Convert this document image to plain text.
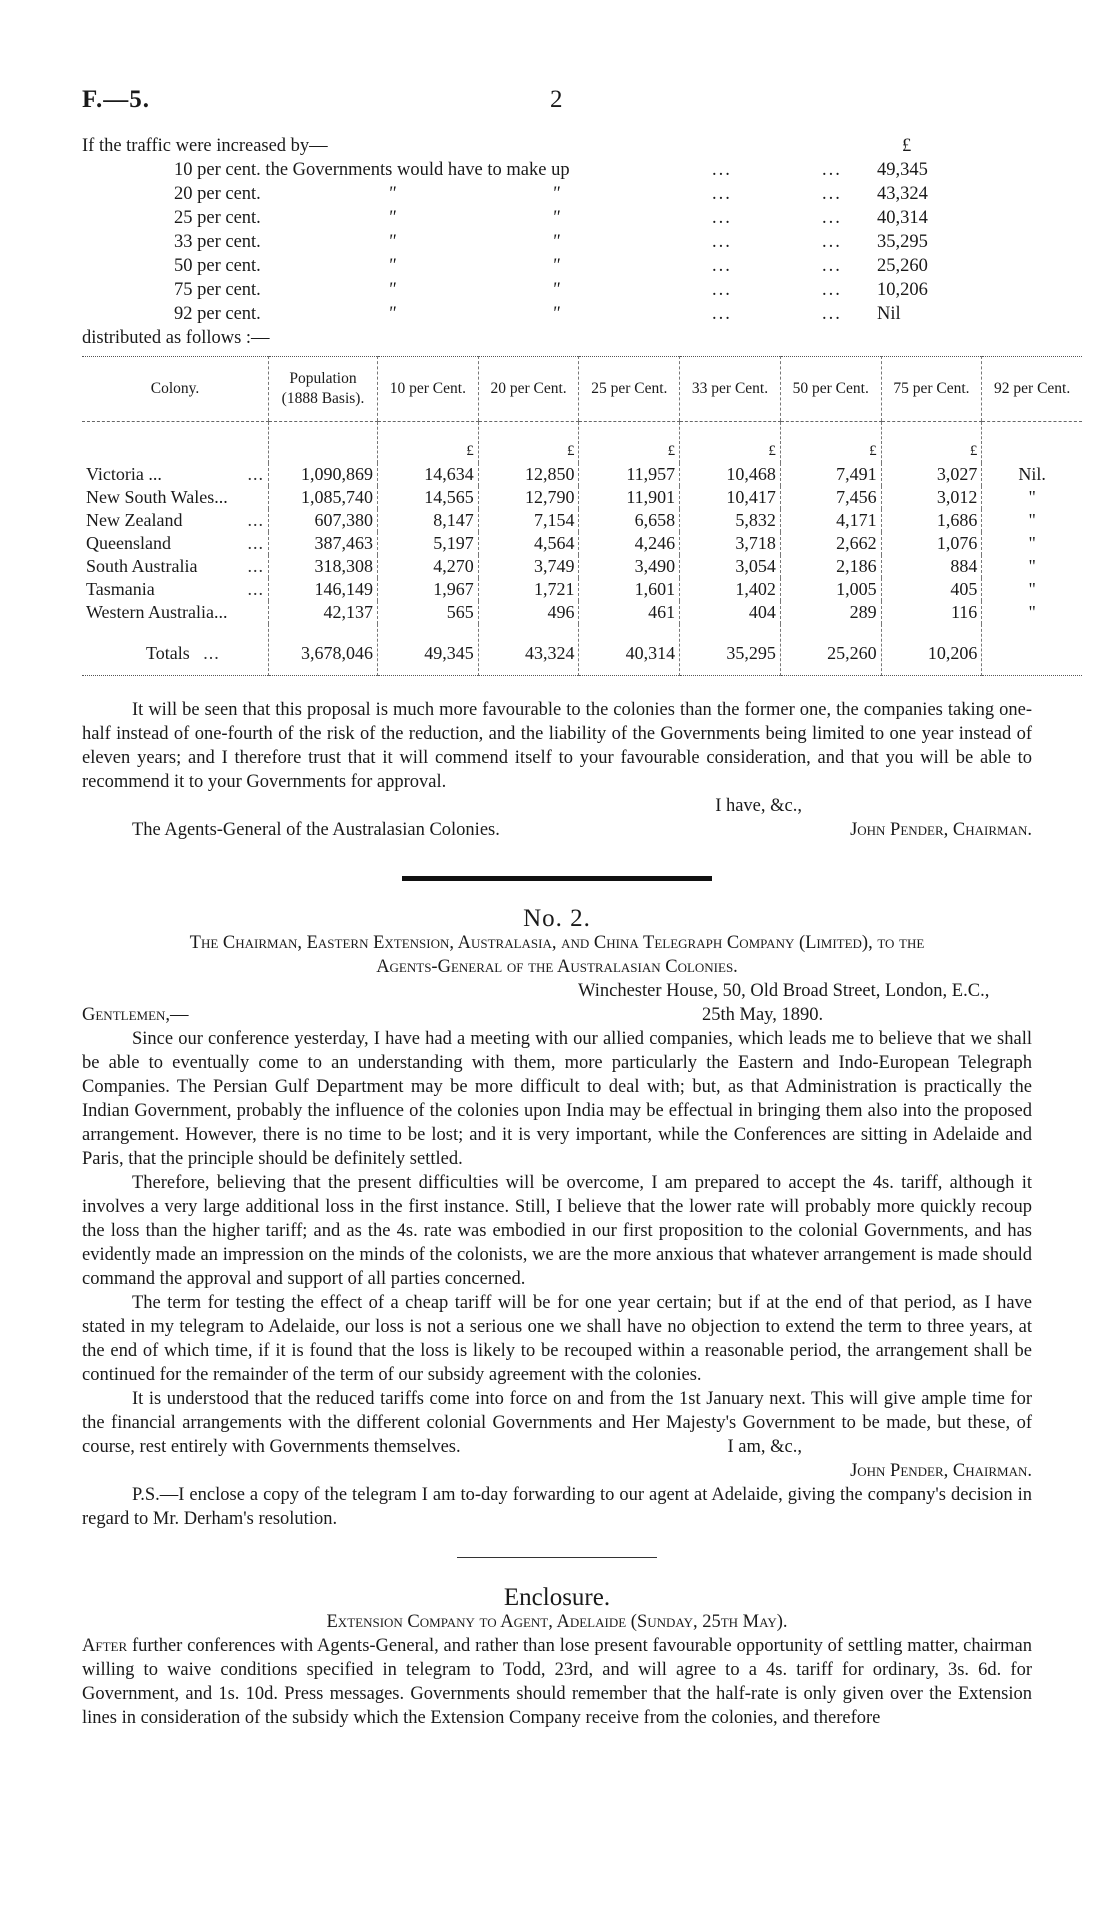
F.—5.	2
If the traffic were increased by—	£
10 per cent. the Governments would have to make up	...	... 49,345
20 per cent.	"	"	...	... 43,324
25 per cent.	"	"	...	... 40,314
33 per cent.	"	"	...	... 35,295
50 per cent.	"	"	...	... 25,260
75 per cent.	"	"	...	... 10,206
92 per cent.	"	"	...	... Nil
distributed as follows :—
Colony.	Population (1888 Basis).	10 per Cent.	20 per Cent.	25 per Cent.	33 per Cent.	50 per Cent.	75 per Cent.	92 per Cent.
		£	£	£	£	£	£	
Victoria ... ...	1,090,869	14,634	12,850	11,957	10,468	7,491	3,027	Nil.
New South Wales...	1,085,740	14,565	12,790	11,901	10,417	7,456	3,012	"
New Zealand ...	607,380	8,147	7,154	6,658	5,832	4,171	1,686	"
Queensland ...	387,463	5,197	4,564	4,246	3,718	2,662	1,076	"
South Australia ...	318,308	4,270	3,749	3,490	3,054	2,186	884	"
Tasmania ...	146,149	1,967	1,721	1,601	1,402	1,005	405	"
Western Australia...	42,137	565	496	461	404	289	116	"
Totals ...	3,678,046	49,345	43,324	40,314	35,295	25,260	10,206	

It will be seen that this proposal is much more favourable to the colonies than the former one, the companies taking one-half instead of one-fourth of the risk of the reduction, and the liability of the Governments being limited to one year instead of eleven years; and I therefore trust that it will commend itself to your favourable consideration, and that you will be able to recommend it to your Governments for approval.

I have, &c.,
The Agents-General of the Australasian Colonies.	John Pender, Chairman.
No. 2.
The Chairman, Eastern Extension, Australasia, and China Telegraph Company (Limited), to the
Agents-General of the Australasian Colonies.
Winchester House, 50, Old Broad Street, London, E.C.,
Gentlemen,—	25th May, 1890.

Since our conference yesterday, I have had a meeting with our allied companies, which leads me to believe that we shall be able to eventually come to an understanding with them, more particularly the Eastern and Indo-European Telegraph Companies. The Persian Gulf Department may be more difficult to deal with; but, as that Administration is practically the Indian Government, probably the influence of the colonies upon India may be effectual in bringing them also into the proposed arrangement. However, there is no time to be lost; and it is very important, while the Conferences are sitting in Adelaide and Paris, that the principle should be definitely settled.

Therefore, believing that the present difficulties will be overcome, I am prepared to accept the 4s. tariff, although it involves a very large additional loss in the first instance. Still, I believe that the lower rate will probably more quickly recoup the loss than the higher tariff; and as the 4s. rate was embodied in our first proposition to the colonial Governments, and has evidently made an impression on the minds of the colonists, we are the more anxious that whatever arrangement is made should command the approval and support of all parties concerned.

The term for testing the effect of a cheap tariff will be for one year certain; but if at the end of that period, as I have stated in my telegram to Adelaide, our loss is not a serious one we shall have no objection to extend the term to three years, at the end of which time, if it is found that the loss is likely to be recouped within a reasonable period, the arrangement shall be continued for the remainder of the term of our subsidy agreement with the colonies.

It is understood that the reduced tariffs come into force on and from the 1st January next. This will give ample time for the financial arrangements with the different colonial Governments and Her Majesty's Government to be made, but these, of course, rest entirely with Governments themselves.	I am, &c.,
John Pender, Chairman.

P.S.—I enclose a copy of the telegram I am to-day forwarding to our agent at Adelaide, giving the company's decision in regard to Mr. Derham's resolution.

Enclosure.
Extension Company to Agent, Adelaide (Sunday, 25th May).

After further conferences with Agents-General, and rather than lose present favourable opportunity of settling matter, chairman willing to waive conditions specified in telegram to Todd, 23rd, and will agree to a 4s. tariff for ordinary, 3s. 6d. for Government, and 1s. 10d. Press messages. Governments should remember that the half-rate is only given over the Extension lines in consideration of the subsidy which the Extension Company receive from the colonies, and therefore
